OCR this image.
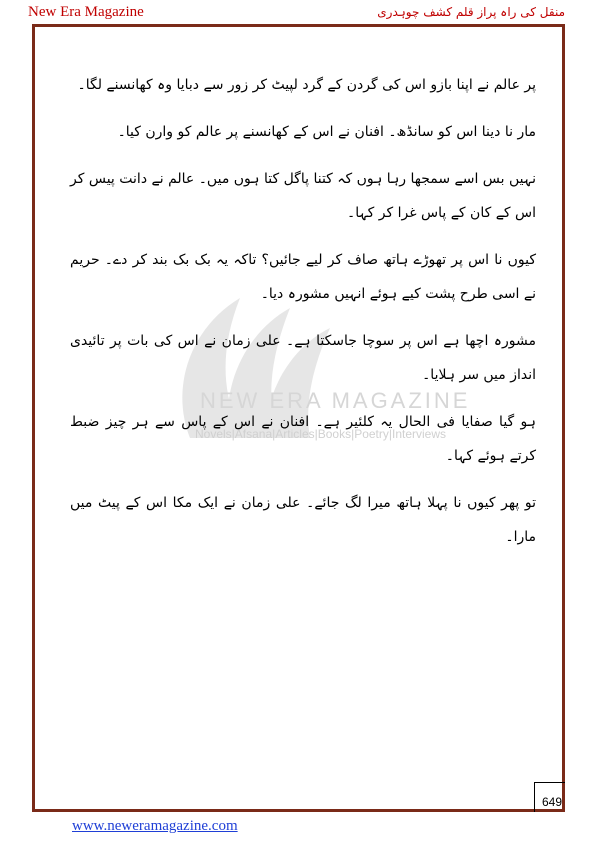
New Era Magazine	منقل کی راہ پراز قلم کشف چوہدری
NEW ERA MAGAZINE
Novels|Afsana|Articles|Books|Poetry|Interviews

پر عالم نے اپنا بازو اس کی گردن کے گرد لپیٹ کر زور سے دبایا وہ کھانسنے لگا۔

مار نا دینا اس کو سانڈھ۔ افنان نے اس کے کھانسنے پر عالم کو وارن کیا۔

نہیں بس اسے سمجھا رہا ہوں کہ کتنا پاگل کتا ہوں میں۔ عالم نے دانت پیس کر اس کے کان کے پاس غرا کر کہا۔

کیوں نا اس پر تھوڑے ہاتھ صاف کر لیے جائیں؟ تاکہ یہ بک بک بند کر دے۔ حریم نے اسی طرح پشت کیے ہوئے انہیں مشورہ دیا۔

مشورہ اچھا ہے اس پر سوچا جاسکتا ہے۔ علی زمان نے اس کی بات پر تائیدی انداز میں سر ہلایا۔

ہو گیا صفایا فی الحال یہ کلئیر ہے۔ افنان نے اس کے پاس سے ہر چیز ضبط کرتے ہوئے کہا۔

تو پھر کیوں نا پہلا ہاتھ میرا لگ جائے۔ علی زمان نے ایک مکا اس کے پیٹ میں مارا۔

649
www.neweramagazine.com
